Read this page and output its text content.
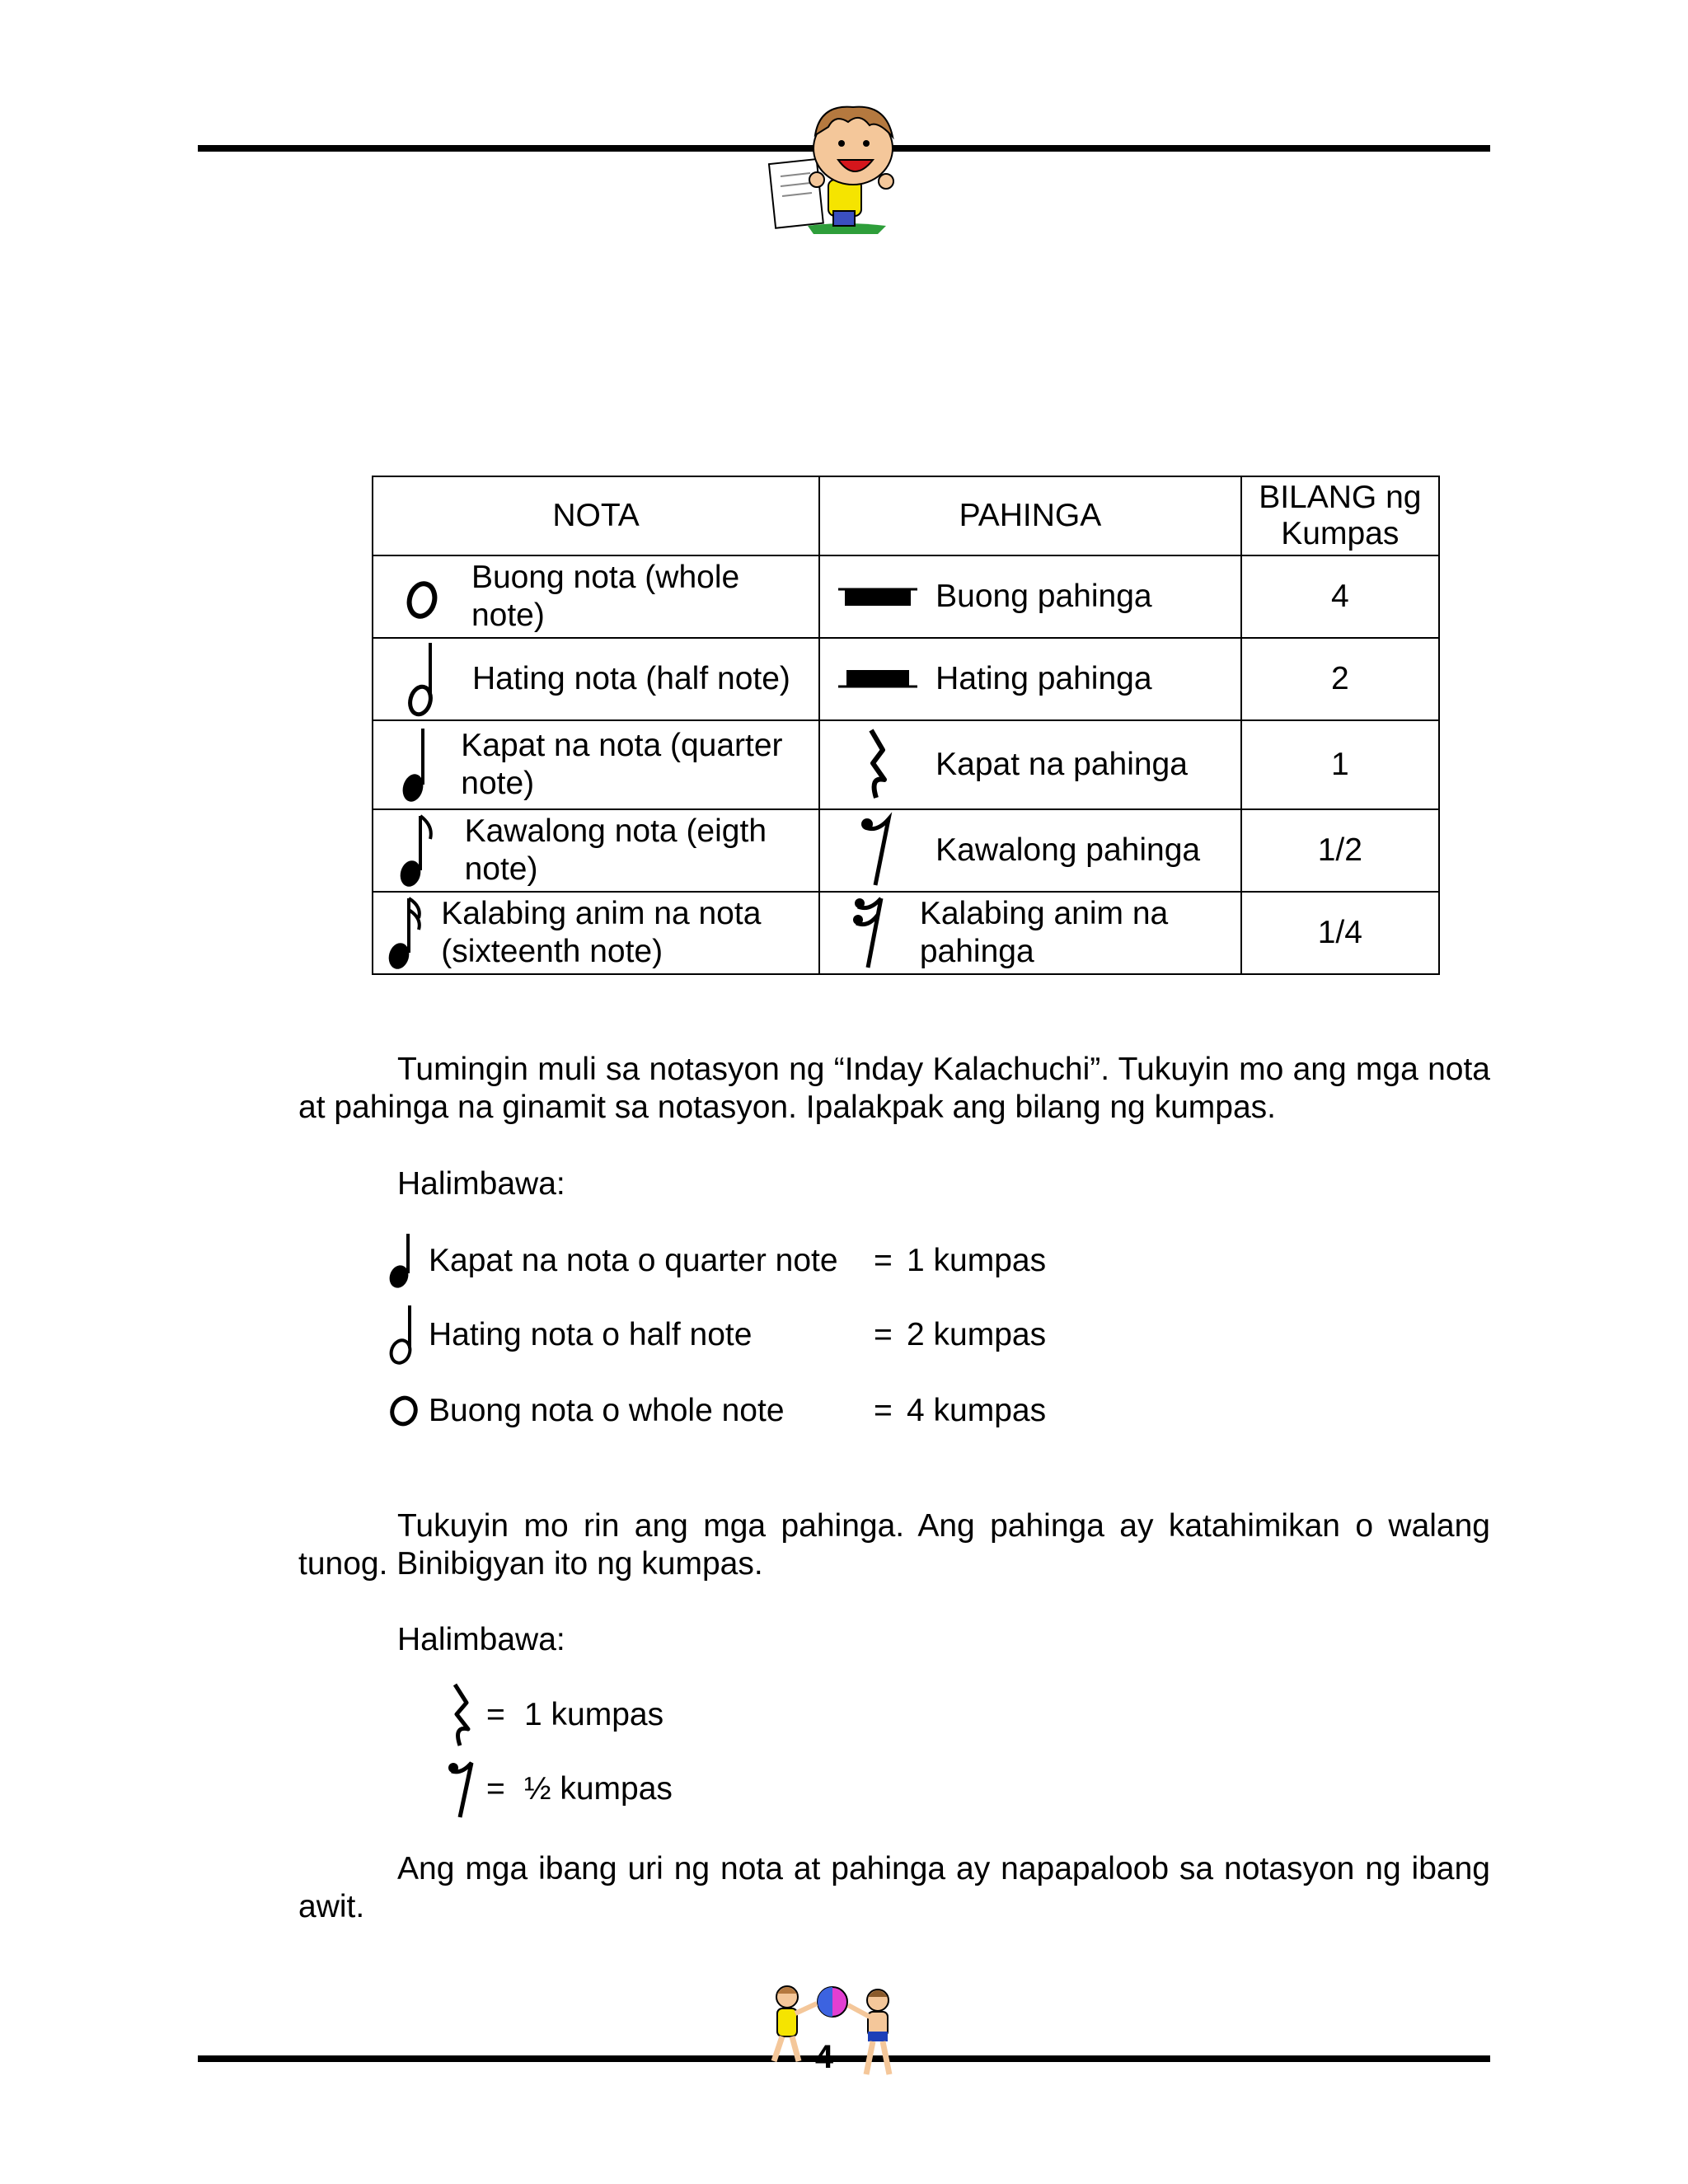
NOTA	PAHINGA	BILANG ng Kumpas

Buong nota (whole note)	Buong pahinga	4

Hating nota (half note)	Hating pahinga	2

Kapat na nota (quarter note)	Kapat na pahinga	1

Kawalong nota (eigth note)	Kawalong pahinga	1/2

Kalabing anim na nota (sixteenth note)	Kalabing anim na pahinga	1/4
Tumingin muli sa notasyon ng “Inday Kalachuchi”. Tukuyin mo ang mga nota at pahinga na ginamit sa notasyon. Ipalakpak ang bilang ng kumpas.
Halimbawa:
Kapat na nota o quarter note	= 1 kumpas
Hating nota o half note	= 2 kumpas
Buong nota o whole note	= 4 kumpas
Tukuyin mo rin ang mga pahinga. Ang pahinga ay katahimikan o walang tunog. Binibigyan ito ng kumpas.
Halimbawa:
= 1 kumpas
= ½ kumpas
Ang mga ibang uri ng nota at pahinga ay napapaloob sa notasyon ng ibang awit.
4
